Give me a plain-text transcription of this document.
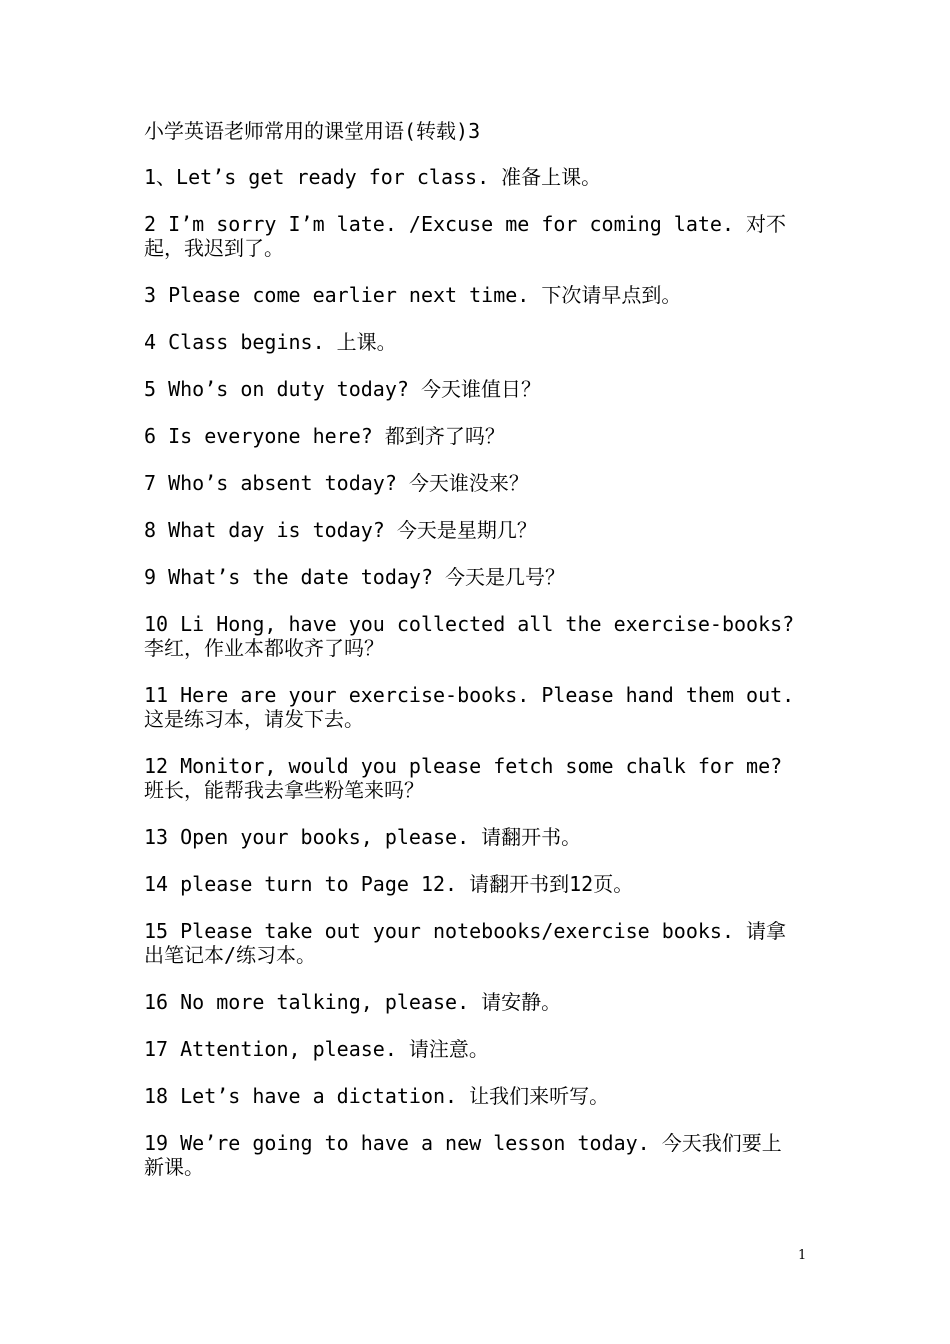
小学英语老师常用的课堂用语(转载)3
1、Let’s get ready for class. 准备上课。
2 I’m sorry I’m late. /Excuse me for coming late. 对不起，我迟到了。
3 Please come earlier next time. 下次请早点到。
4 Class begins. 上课。
5 Who’s on duty today? 今天谁值日？
6 Is everyone here? 都到齐了吗？
7 Who’s absent today? 今天谁没来？
8 What day is today? 今天是星期几？
9 What’s the date today? 今天是几号？
10 Li Hong, have you collected all the exercise-books? 李红，作业本都收齐了吗？
11 Here are your exercise-books. Please hand them out. 这是练习本，请发下去。
12 Monitor, would you please fetch some chalk for me? 班长，能帮我去拿些粉笔来吗？
13 Open your books, please. 请翻开书。
14 please turn to Page 12. 请翻开书到12页。
15 Please take out your notebooks/exercise books. 请拿出笔记本/练习本。
16 No more talking, please. 请安静。
17 Attention, please. 请注意。
18 Let’s have a dictation. 让我们来听写。
19 We’re going to have a new lesson today. 今天我们要上新课。
1
